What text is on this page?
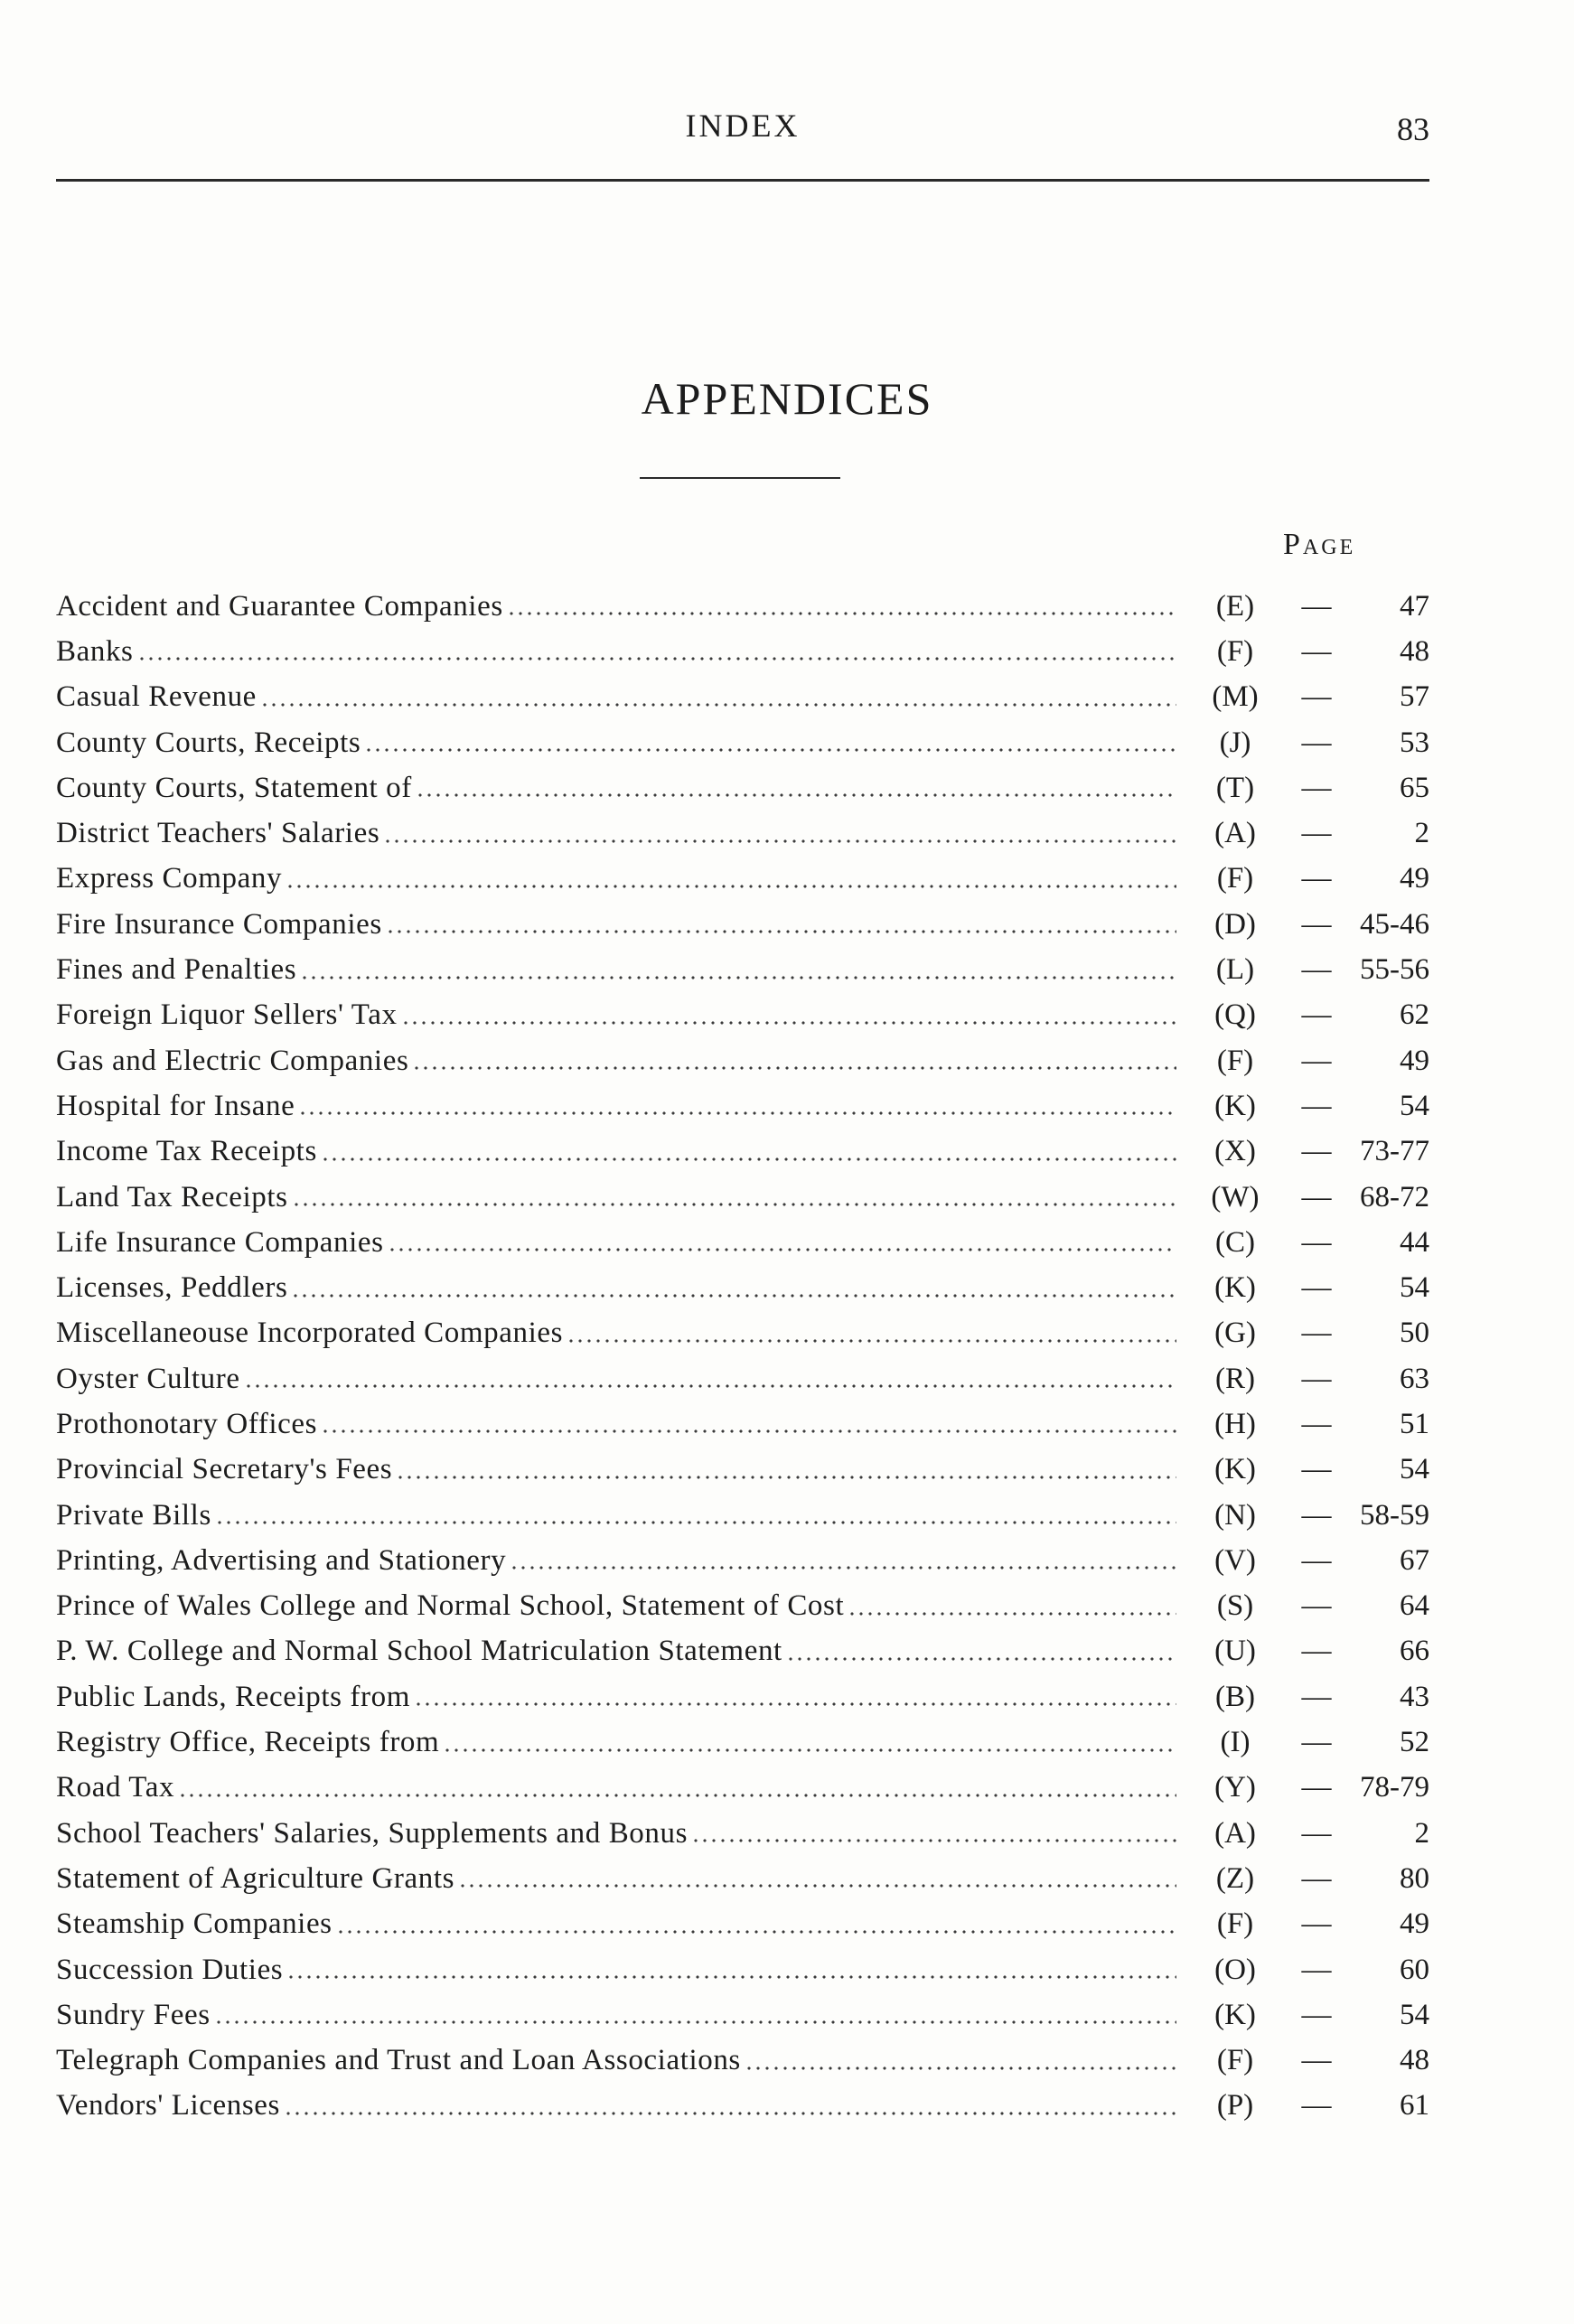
INDEX	83
APPENDICES
Page
Accident and Guarantee Companies	(E)	—	47
Banks	(F)	—	48
Casual Revenue	(M)	—	57
County Courts, Receipts	(J)	—	53
County Courts, Statement of	(T)	—	65
District Teachers' Salaries	(A)	—	2
Express Company	(F)	—	49
Fire Insurance Companies	(D)	— 45-46
Fines and Penalties	(L)	— 55-56
Foreign Liquor Sellers' Tax	(Q)	—	62
Gas and Electric Companies	(F)	—	49
Hospital for Insane	(K)	—	54
Income Tax Receipts	(X)	— 73-77
Land Tax Receipts	(W)	— 68-72
Life Insurance Companies	(C)	—	44
Licenses, Peddlers	(K)	—	54
Miscellaneouse Incorporated Companies	(G)	—	50
Oyster Culture	(R)	—	63
Prothonotary Offices	(H)	—	51
Provincial Secretary's Fees	(K)	—	54
Private Bills	(N)	— 58-59
Printing, Advertising and Stationery	(V)	—	67
Prince of Wales College and Normal School, Statement of Cost	(S)	—	64
P. W. College and Normal School Matriculation Statement	(U)	—	66
Public Lands, Receipts from	(B)	—	43
Registry Office, Receipts from	(I)	—	52
Road Tax	(Y)	— 78-79
School Teachers' Salaries, Supplements and Bonus	(A)	—	2
Statement of Agriculture Grants	(Z)	—	80
Steamship Companies	(F)	—	49
Succession Duties	(O)	—	60
Sundry Fees	(K)	—	54
Telegraph Companies and Trust and Loan Associations	(F)	—	48
Vendors' Licenses	(P)	—	61
